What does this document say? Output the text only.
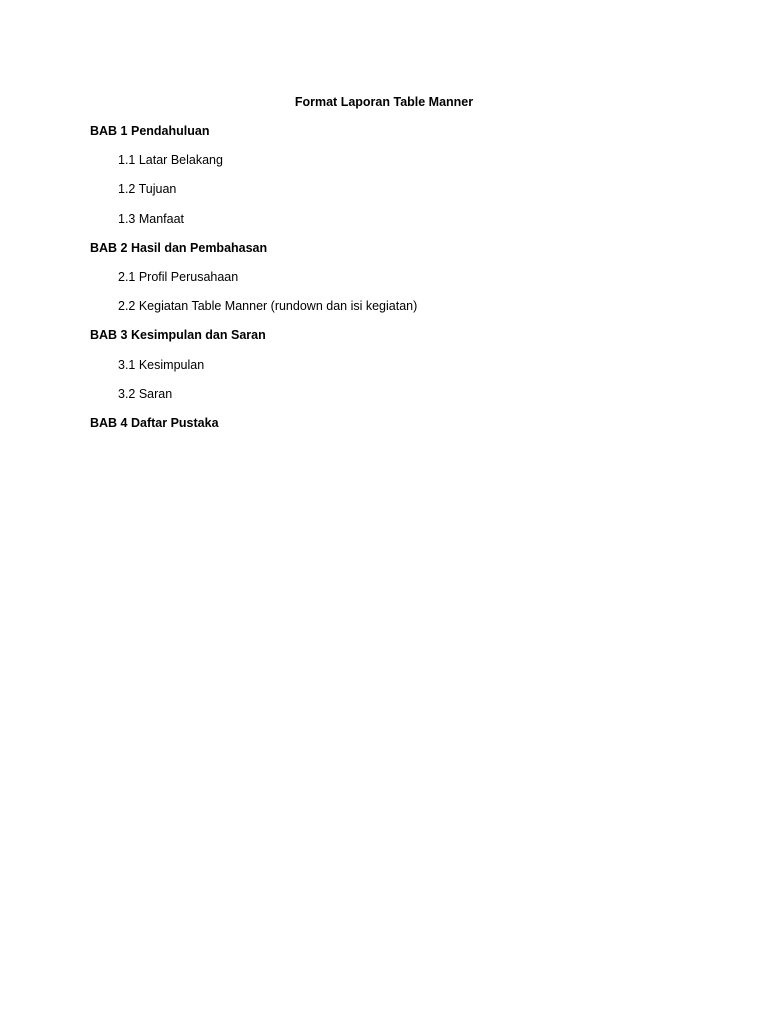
Format Laporan Table Manner
BAB 1 Pendahuluan
1.1 Latar Belakang
1.2 Tujuan
1.3 Manfaat
BAB 2 Hasil dan Pembahasan
2.1 Profil Perusahaan
2.2 Kegiatan Table Manner (rundown dan isi kegiatan)
BAB 3 Kesimpulan dan Saran
3.1 Kesimpulan
3.2 Saran
BAB 4 Daftar Pustaka
